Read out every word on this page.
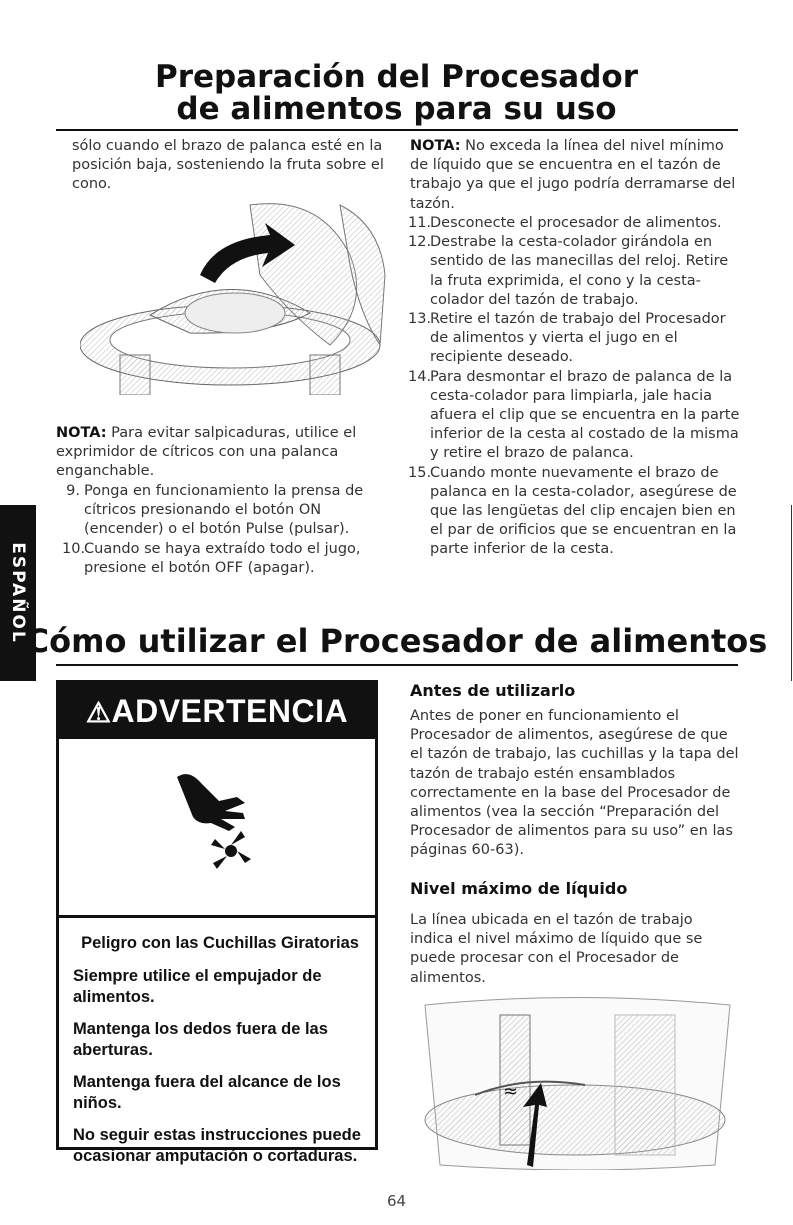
Preparación del Procesador
de alimentos para su uso
sólo cuando el brazo de palanca esté en la posición baja, sosteniendo la fruta sobre el cono.
NOTA: Para evitar salpicaduras, utilice el exprimidor de cítricos con una palanca enganchable.
9. Ponga en funcionamiento la prensa de cítricos presionando el botón ON (encender) o el botón Pulse (pulsar).
10.
Cuando se haya extraído todo el jugo, presione el botón OFF (apagar).
NOTA: No exceda la línea del nivel mínimo de líquido que se encuentra en el tazón de trabajo ya que el jugo podría derramarse del tazón.
11.
Desconecte el procesador de alimentos.
12.
Destrabe la cesta-colador girándola en sentido de las manecillas del reloj. Retire la fruta exprimida, el cono y la cesta-colador del tazón de trabajo.
13.
Retire el tazón de trabajo del Procesador de alimentos y vierta el jugo en el recipiente deseado.
14.
Para desmontar el brazo de palanca de la cesta-colador para limpiarla, jale hacia afuera el clip que se encuentra en la parte inferior de la cesta al costado de la misma y retire el brazo de palanca.
15.
Cuando monte nuevamente el brazo de palanca en la cesta-colador, asegúrese de que las lengüetas del clip encajen bien en el par de orificios que se encuentran en la parte inferior de la cesta.
ESPAÑOL
Cómo utilizar el Procesador de alimentos
⚠ADVERTENCIA
Peligro con las Cuchillas Giratorias

Siempre utilice el empujador de alimentos.

Mantenga los dedos fuera de las aberturas.

Mantenga fuera del alcance de los niños.

No seguir estas instrucciones puede ocasionar amputación o cortaduras.

Antes de utilizarlo
Antes de poner en funcionamiento el Procesador de alimentos, asegúrese de que el tazón de trabajo, las cuchillas y la tapa del tazón de trabajo estén ensamblados correctamente en la base del Procesador de alimentos (vea la sección “Preparación del Procesador de alimentos para su uso” en las páginas 60-63).
Nivel máximo de líquido
La línea ubicada en el tazón de trabajo indica el nivel máximo de líquido que se puede procesar con el Procesador de alimentos.
≈
64
